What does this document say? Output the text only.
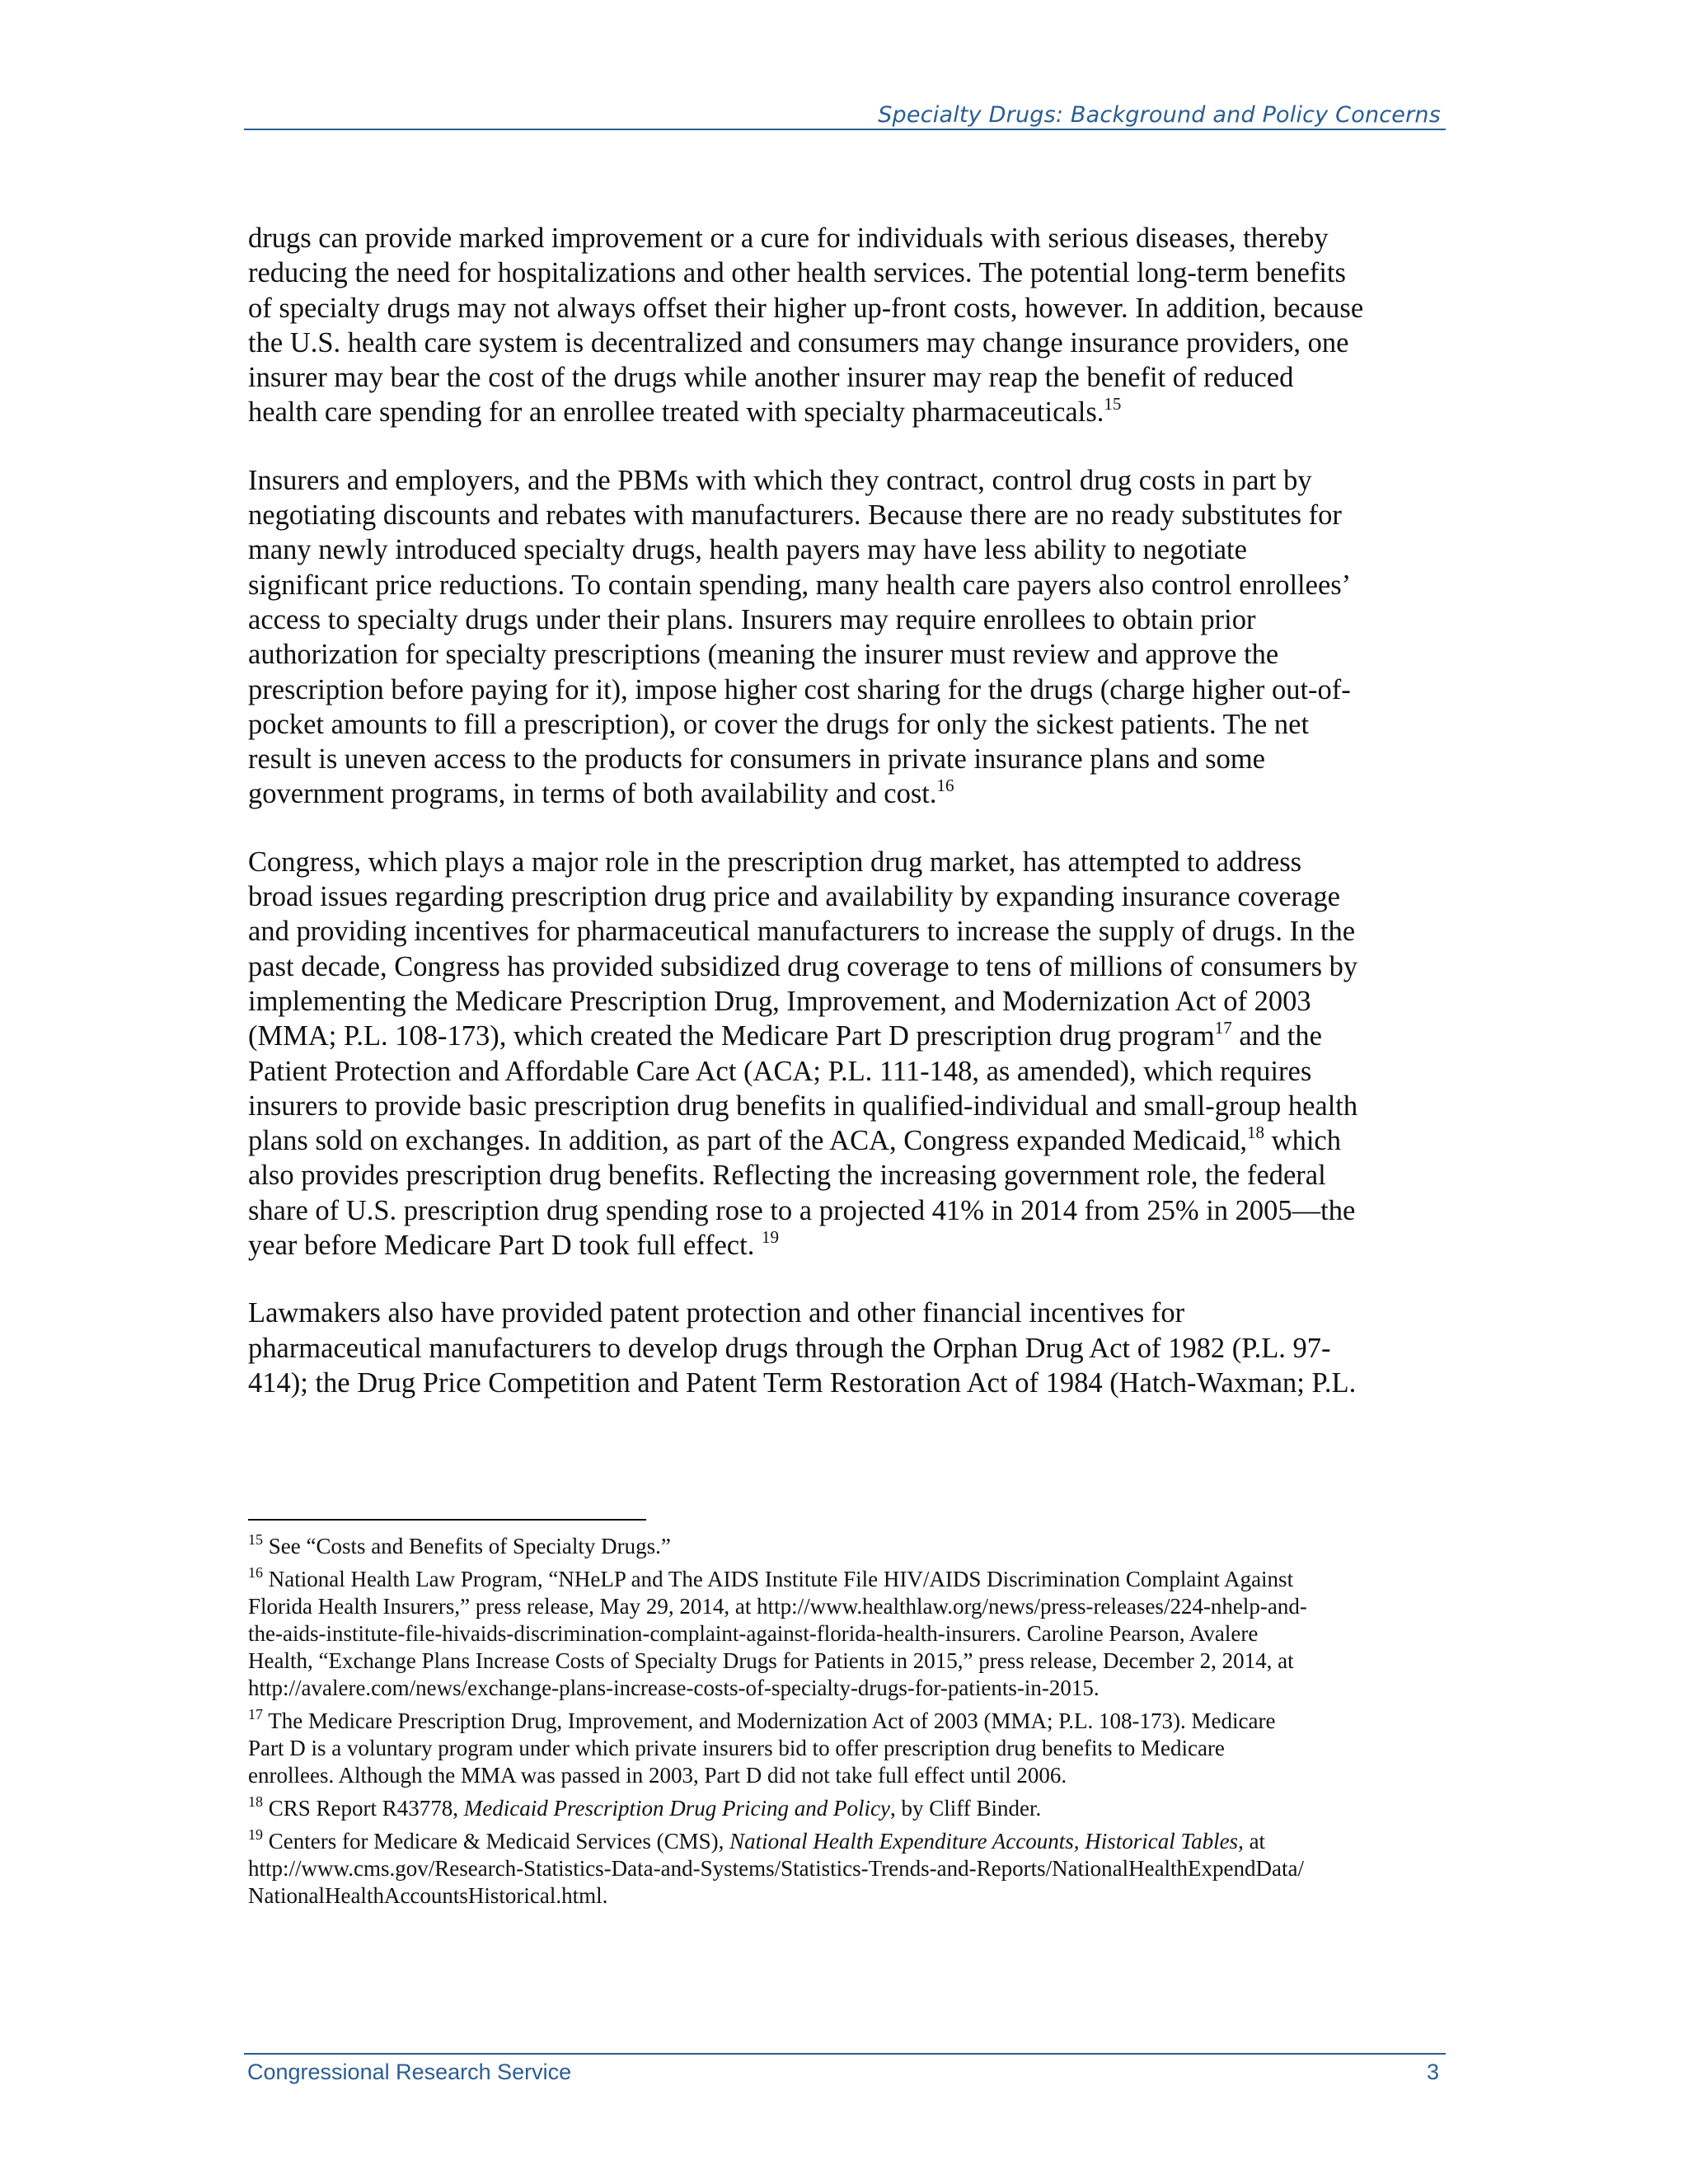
Specialty Drugs: Background and Policy Concerns

drugs can provide marked improvement or a cure for individuals with serious diseases, thereby
reducing the need for hospitalizations and other health services. The potential long-term benefits
of specialty drugs may not always offset their higher up-front costs, however. In addition, because
the U.S. health care system is decentralized and consumers may change insurance providers, one
insurer may bear the cost of the drugs while another insurer may reap the benefit of reduced
health care spending for an enrollee treated with specialty pharmaceuticals.$^{15}$

Insurers and employers, and the PBMs with which they contract, control drug costs in part by
negotiating discounts and rebates with manufacturers. Because there are no ready substitutes for
many newly introduced specialty drugs, health payers may have less ability to negotiate
significant price reductions. To contain spending, many health care payers also control enrollees’
access to specialty drugs under their plans. Insurers may require enrollees to obtain prior
authorization for specialty prescriptions (meaning the insurer must review and approve the
prescription before paying for it), impose higher cost sharing for the drugs (charge higher out-of-
pocket amounts to fill a prescription), or cover the drugs for only the sickest patients. The net
result is uneven access to the products for consumers in private insurance plans and some
government programs, in terms of both availability and cost.$^{16}$

Congress, which plays a major role in the prescription drug market, has attempted to address
broad issues regarding prescription drug price and availability by expanding insurance coverage
and providing incentives for pharmaceutical manufacturers to increase the supply of drugs. In the
past decade, Congress has provided subsidized drug coverage to tens of millions of consumers by
implementing the Medicare Prescription Drug, Improvement, and Modernization Act of 2003
(MMA; P.L. 108-173), which created the Medicare Part D prescription drug program$^{17}$ and the
Patient Protection and Affordable Care Act (ACA; P.L. 111-148, as amended), which requires
insurers to provide basic prescription drug benefits in qualified-individual and small-group health
plans sold on exchanges. In addition, as part of the ACA, Congress expanded Medicaid,$^{18}$ which
also provides prescription drug benefits. Reflecting the increasing government role, the federal
share of U.S. prescription drug spending rose to a projected 41% in 2014 from 25% in 2005—the
year before Medicare Part D took full effect. $^{19}$

Lawmakers also have provided patent protection and other financial incentives for
pharmaceutical manufacturers to develop drugs through the Orphan Drug Act of 1982 (P.L. 97-
414); the Drug Price Competition and Patent Term Restoration Act of 1984 (Hatch-Waxman; P.L.

$^{15}$ See “Costs and Benefits of Specialty Drugs.”

$^{16}$ National Health Law Program, “NHeLP and The AIDS Institute File HIV/AIDS Discrimination Complaint Against
Florida Health Insurers,” press release, May 29, 2014, at http://www.healthlaw.org/news/press-releases/224-nhelp-and-
the-aids-institute-file-hivaids-discrimination-complaint-against-florida-health-insurers. Caroline Pearson, Avalere
Health, “Exchange Plans Increase Costs of Specialty Drugs for Patients in 2015,” press release, December 2, 2014, at
http://avalere.com/news/exchange-plans-increase-costs-of-specialty-drugs-for-patients-in-2015.

$^{17}$ The Medicare Prescription Drug, Improvement, and Modernization Act of 2003 (MMA; P.L. 108-173). Medicare
Part D is a voluntary program under which private insurers bid to offer prescription drug benefits to Medicare
enrollees. Although the MMA was passed in 2003, Part D did not take full effect until 2006.

$^{18}$ CRS Report R43778, Medicaid Prescription Drug Pricing and Policy, by Cliff Binder.

$^{19}$ Centers for Medicare & Medicaid Services (CMS), National Health Expenditure Accounts, Historical Tables, at
http://www.cms.gov/Research-Statistics-Data-and-Systems/Statistics-Trends-and-Reports/NationalHealthExpendData/
NationalHealthAccountsHistorical.html.

Congressional Research Service	3
